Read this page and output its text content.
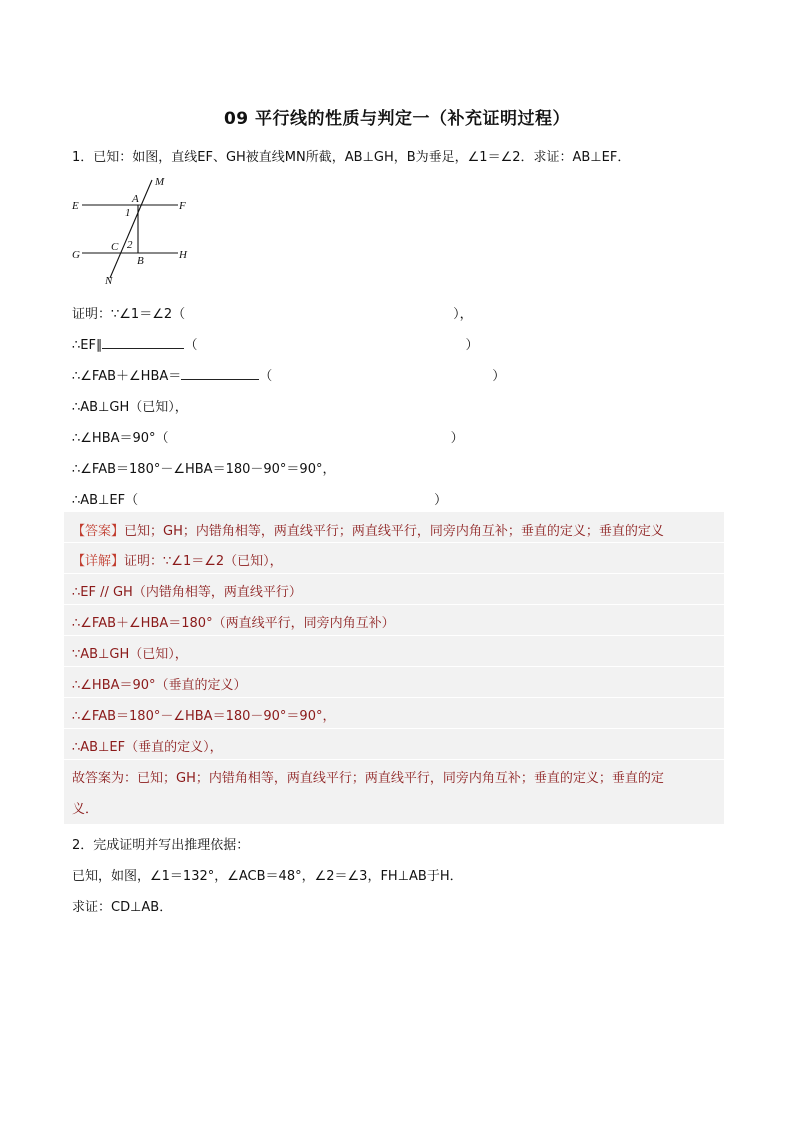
09 平行线的性质与判定一（补充证明过程）
1．已知：如图，直线EF、GH被直线MN所截，AB⊥GH，B为垂足，∠1＝∠2．求证：AB⊥EF．
E	F
G	H
M
N
A
B
C
1
2
证明：∵∠1＝∠2（	），
∴EF∥	（	）
∴∠FAB＋∠HBA＝	（	）
∴AB⊥GH（已知），
∴∠HBA＝90°（	）
∴∠FAB＝180°－∠HBA＝180－90°＝90°，
∴AB⊥EF（	）
【答案】已知；GH；内错角相等，两直线平行；两直线平行，同旁内角互补；垂直的定义；垂直的定义
【详解】证明：∵∠1＝∠2（已知），
∴EF // GH（内错角相等，两直线平行）
∴∠FAB＋∠HBA＝180°（两直线平行，同旁内角互补）
∵AB⊥GH（已知），
∴∠HBA＝90°（垂直的定义）
∴∠FAB＝180°－∠HBA＝180－90°＝90°，
∴AB⊥EF（垂直的定义），
故答案为：已知；GH；内错角相等，两直线平行；两直线平行，同旁内角互补；垂直的定义；垂直的定
义．
2．完成证明并写出推理依据：
已知，如图，∠1＝132°，∠ACB＝48°，∠2＝∠3，FH⊥AB于H．
求证：CD⊥AB．
